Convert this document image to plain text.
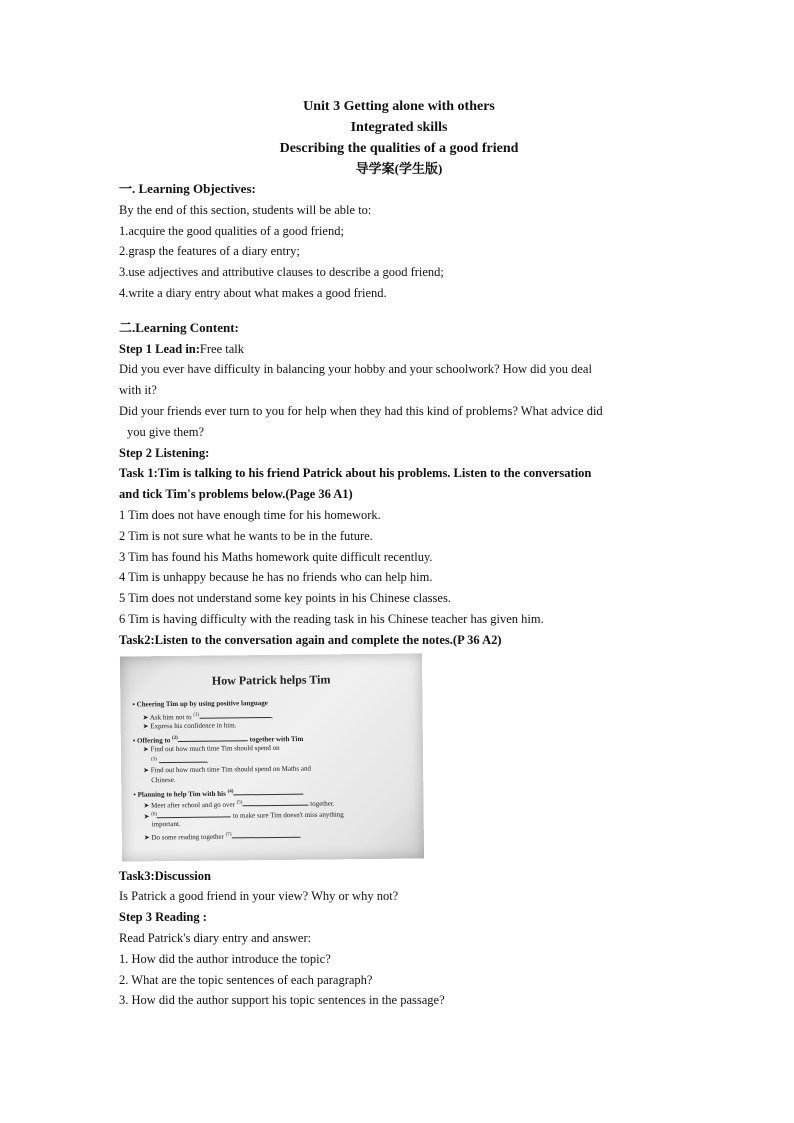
Unit 3 Getting alone with others
Integrated skills
Describing the qualities of a good friend
导学案(学生版)
一. Learning Objectives:
By the end of this section, students will be able to:
1.acquire the good qualities of a good friend;
2.grasp the features of a diary entry;
3.use adjectives and attributive clauses to describe a good friend;
4.write a diary entry about what makes a good friend.
二.Learning Content:
Step 1 Lead in:Free talk
Did you ever have difficulty in balancing your hobby and your schoolwork? How did you deal
with it?
Did your friends ever turn to you for help when they had this kind of problems? What advice did
you give them?
Step 2 Listening:
Task 1:Tim is talking to his friend Patrick about his problems. Listen to the conversation
and tick Tim's problems below.(Page 36 A1)
1 Tim does not have enough time for his homework.
2 Tim is not sure what he wants to be in the future.
3 Tim has found his Maths homework quite difficult recentluy.
4 Tim is unhappy because he has no friends who can help him.
5 Tim does not understand some key points in his Chinese classes.
6 Tim is having difficulty with the reading task in his Chinese teacher has given him.
Task2:Listen to the conversation again and complete the notes.(P 36 A2)
How Patrick helps Tim
• Cheering Tim up by using positive language
➤ Ask him not to $^{(1)}$	.
➤ Express his confidence in him.
• Offering to $^{(2)}$	together with Tim
➤ Find out how much time Tim should spend on
$^{(3)}$	.
➤ Find out how much time Tim should spend on Maths and
Chinese.
• Planning to help Tim with his $^{(4)}$
➤ Meet after school and go over $^{(5)}$	together.
➤ $^{(6)}$	to make sure Tim doesn't miss anything
important.
➤ Do some reading together $^{(7)}$	.
Task3:Discussion
Is Patrick a good friend in your view? Why or why not?
Step 3 Reading :
Read Patrick's diary entry and answer:
1. How did the author introduce the topic?
2. What are the topic sentences of each paragraph?
3. How did the author support his topic sentences in the passage?
